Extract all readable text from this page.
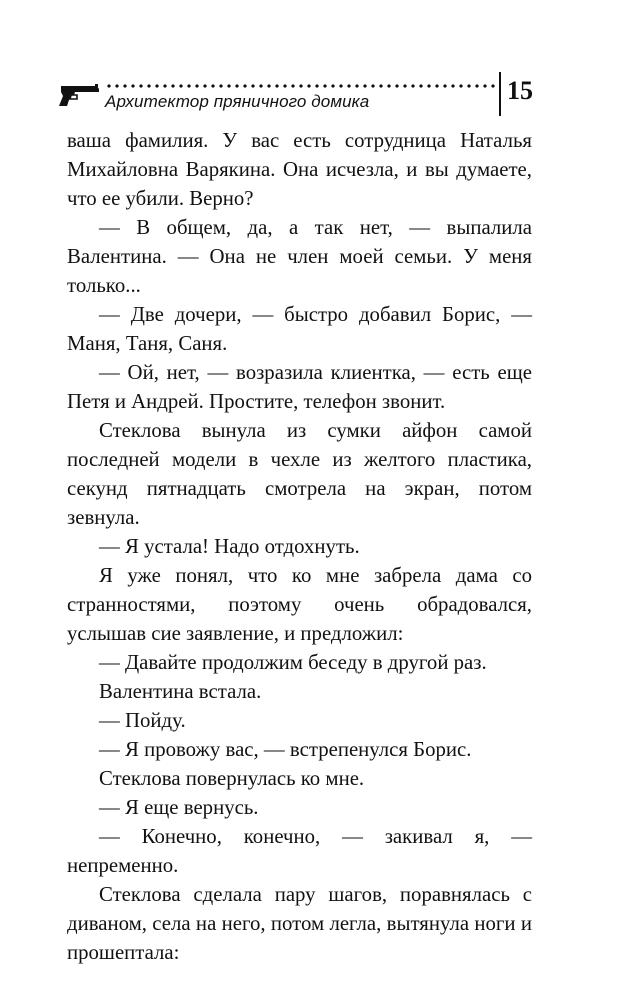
Архитектор пряничного домика	15

ваша фамилия. У вас есть сотрудница Наталья Михайловна Варякина. Она исчезла, и вы думаете, что ее убили. Верно?

— В общем, да, а так нет, — выпалила Валентина. — Она не член моей семьи. У меня только...

— Две дочери, — быстро добавил Борис, — Маня, Таня, Саня.

— Ой, нет, — возразила клиентка, — есть еще Петя и Андрей. Простите, телефон звонит.

Стеклова вынула из сумки айфон самой последней модели в чехле из желтого пластика, секунд пятнадцать смотрела на экран, потом зевнула.

— Я устала! Надо отдохнуть.

Я уже понял, что ко мне забрела дама со странностями, поэтому очень обрадовался, услышав сие заявление, и предложил:

— Давайте продолжим беседу в другой раз.

Валентина встала.

— Пойду.

— Я провожу вас, — встрепенулся Борис.

Стеклова повернулась ко мне.

— Я еще вернусь.

— Конечно, конечно, — закивал я, — непременно.

Стеклова сделала пару шагов, поравнялась с диваном, села на него, потом легла, вытянула ноги и прошептала:
